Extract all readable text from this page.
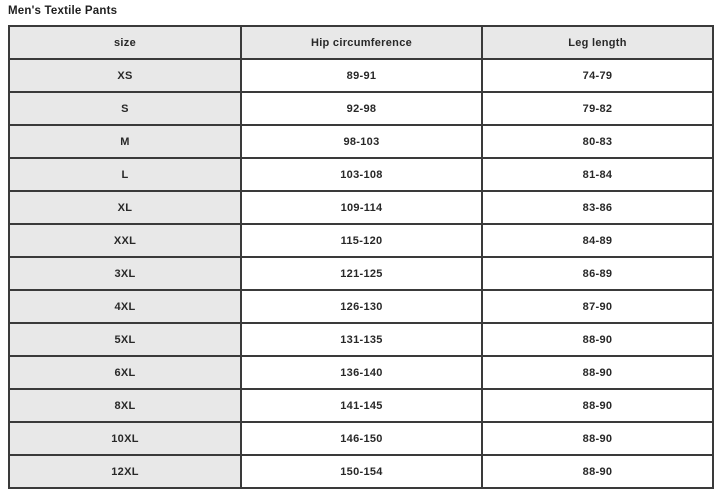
Men's Textile Pants
size	Hip circumference	Leg length
XS	89-91	74-79
S	92-98	79-82
M	98-103	80-83
L	103-108	81-84
XL	109-114	83-86
XXL	115-120	84-89
3XL	121-125	86-89
4XL	126-130	87-90
5XL	131-135	88-90
6XL	136-140	88-90
8XL	141-145	88-90
10XL	146-150	88-90
12XL	150-154	88-90
